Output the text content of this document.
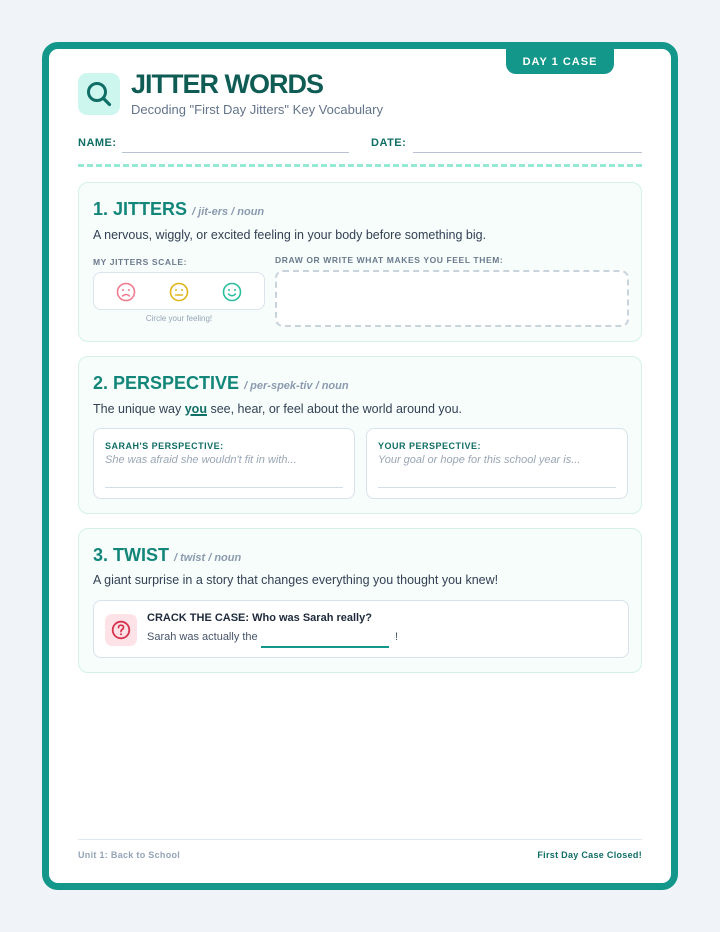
DAY 1 CASE
JITTER WORDS
Decoding "First Day Jitters" Key Vocabulary
NAME:	DATE:
1. JITTERS / jit-ers / noun
A nervous, wiggly, or excited feeling in your body before something big.
MY JITTERS SCALE:
Circle your feeling!
DRAW OR WRITE WHAT MAKES YOU FEEL THEM:
2. PERSPECTIVE / per-spek-tiv / noun
The unique way you see, hear, or feel about the world around you.
SARAH'S PERSPECTIVE:
She was afraid she wouldn't fit in with...
YOUR PERSPECTIVE:
Your goal or hope for this school year is...
3. TWIST / twist / noun
A giant surprise in a story that changes everything you thought you knew!
CRACK THE CASE: Who was Sarah really?
Sarah was actually the	!
Unit 1: Back to School	First Day Case Closed!
